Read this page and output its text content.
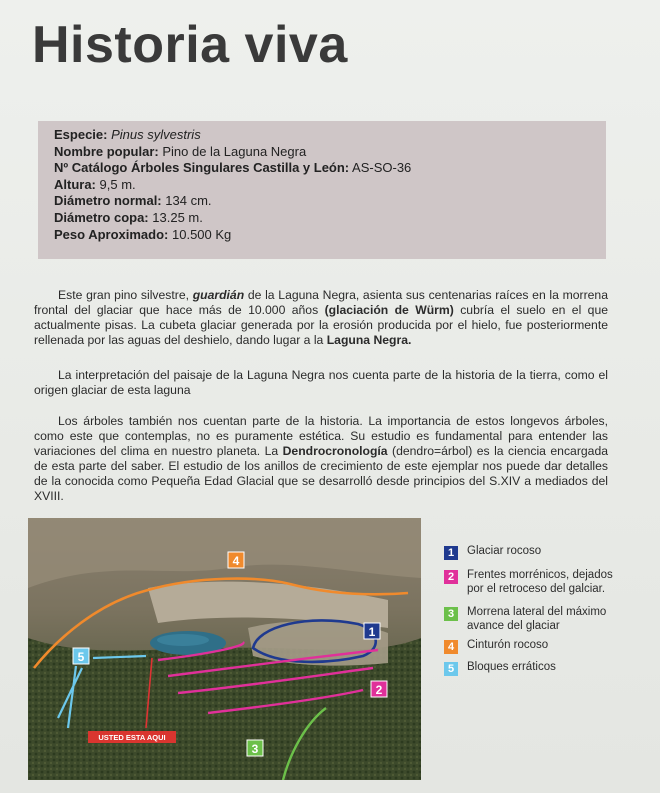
Historia viva
Especie: Pinus sylvestris
Nombre popular: Pino de la Laguna Negra
Nº Catálogo Árboles Singulares Castilla y León: AS-SO-36
Altura: 9,5 m.
Diámetro normal: 134 cm.
Diámetro copa: 13.25 m.
Peso Aproximado: 10.500 Kg

Este gran pino silvestre, guardián de la Laguna Negra, asienta sus centenarias raíces en la morrena frontal del glaciar que hace más de 10.000 años (glaciación de Würm) cubría el suelo en el que actualmente pisas. La cubeta glaciar generada por la erosión producida por el hielo, fue posteriormente rellenada por las aguas del deshielo, dando lugar a la Laguna Negra.

La interpretación del paisaje de la Laguna Negra nos cuenta parte de la historia de la tierra, como el origen glaciar de esta laguna

Los árboles también nos cuentan parte de la historia. La importancia de estos longevos árboles, como este que contemplas, no es puramente estética. Su estudio es fundamental para entender las variaciones del clima en nuestro planeta. La Dendrocronología (dendro=árbol) es la ciencia encargada de esta parte del saber. El estudio de los anillos de crecimiento de este ejemplar nos puede dar detalles de la conocida como Pequeña Edad Glacial que se desarrolló desde principios del S.XIV a mediados del XVIII.

4
1
2
3
5
USTED ESTA AQUI
1	Glaciar rocoso
2	Frentes morrénicos, dejados por el retroceso del galciar.
3	Morrena lateral del máximo avance del glaciar
4	Cinturón rocoso
5	Bloques erráticos
